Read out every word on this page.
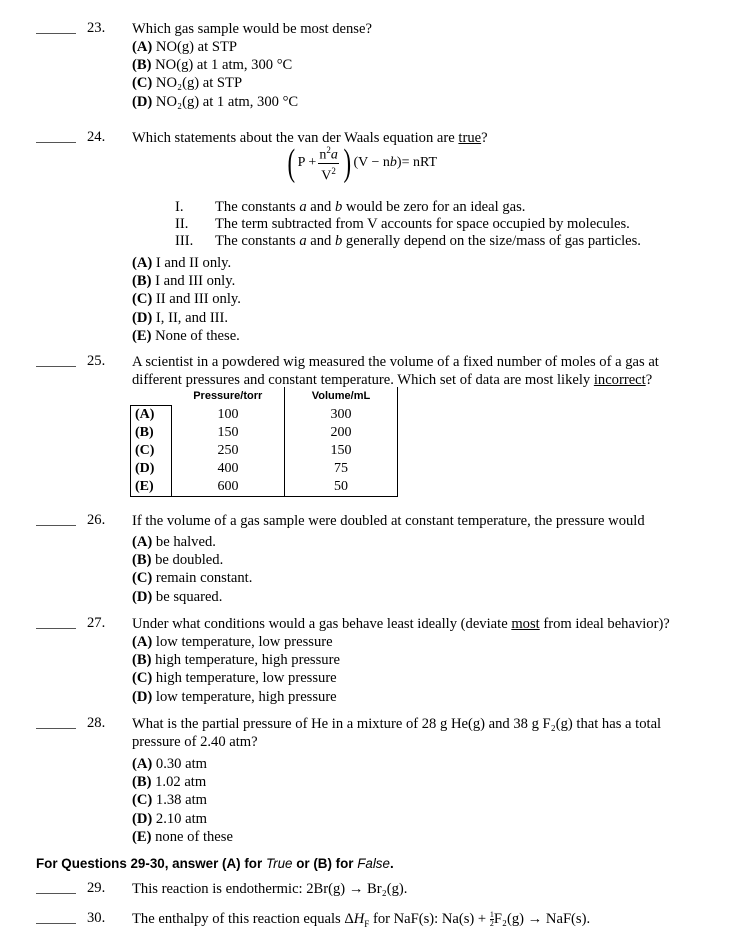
23. Which gas sample would be most dense?
(A) NO(g) at STP
(B) NO(g) at 1 atm, 300 °C
(C) NO₂(g) at STP
(D) NO₂(g) at 1 atm, 300 °C
24. Which statements about the van der Waals equation are true?
( $P + \frac{n^2a}{V^2}$ ) (V − n b )= nRT
I. The constants a and b would be zero for an ideal gas.
II. The term subtracted from V accounts for space occupied by molecules.
III. The constants a and b generally depend on the size/mass of gas particles.
(A) I and II only.
(B) I and III only.
(C) II and III only.
(D) I, II, and III.
(E) None of these.
25. A scientist in a powdered wig measured the volume of a fixed number of moles of a gas at
different pressures and constant temperature. Which set of data are most likely incorrect?
	Pressure/torr	Volume/mL
(A)	100	300
(B)	150	200
(C)	250	150
(D)	400	75
(E)	600	50
26. If the volume of a gas sample were doubled at constant temperature, the pressure would
(A) be halved.
(B) be doubled.
(C) remain constant.
(D) be squared.
27. Under what conditions would a gas behave least ideally (deviate most from ideal behavior)?
(A) low temperature, low pressure
(B) high temperature, high pressure
(C) high temperature, low pressure
(D) low temperature, high pressure
28. What is the partial pressure of He in a mixture of 28 g He(g) and 38 g F₂(g) that has a total
pressure of 2.40 atm?
(A) 0.30 atm
(B) 1.02 atm
(C) 1.38 atm
(D) 2.10 atm
(E) none of these
For Questions 29-30, answer (A) for True or (B) for False.
29. This reaction is endothermic: 2Br(g) → Br₂(g).
30. The enthalpy of this reaction equals $\Delta H_F$ for NaF(s): $Na(s) + \frac{1}{2} F_2(g) \to NaF(s)$.
